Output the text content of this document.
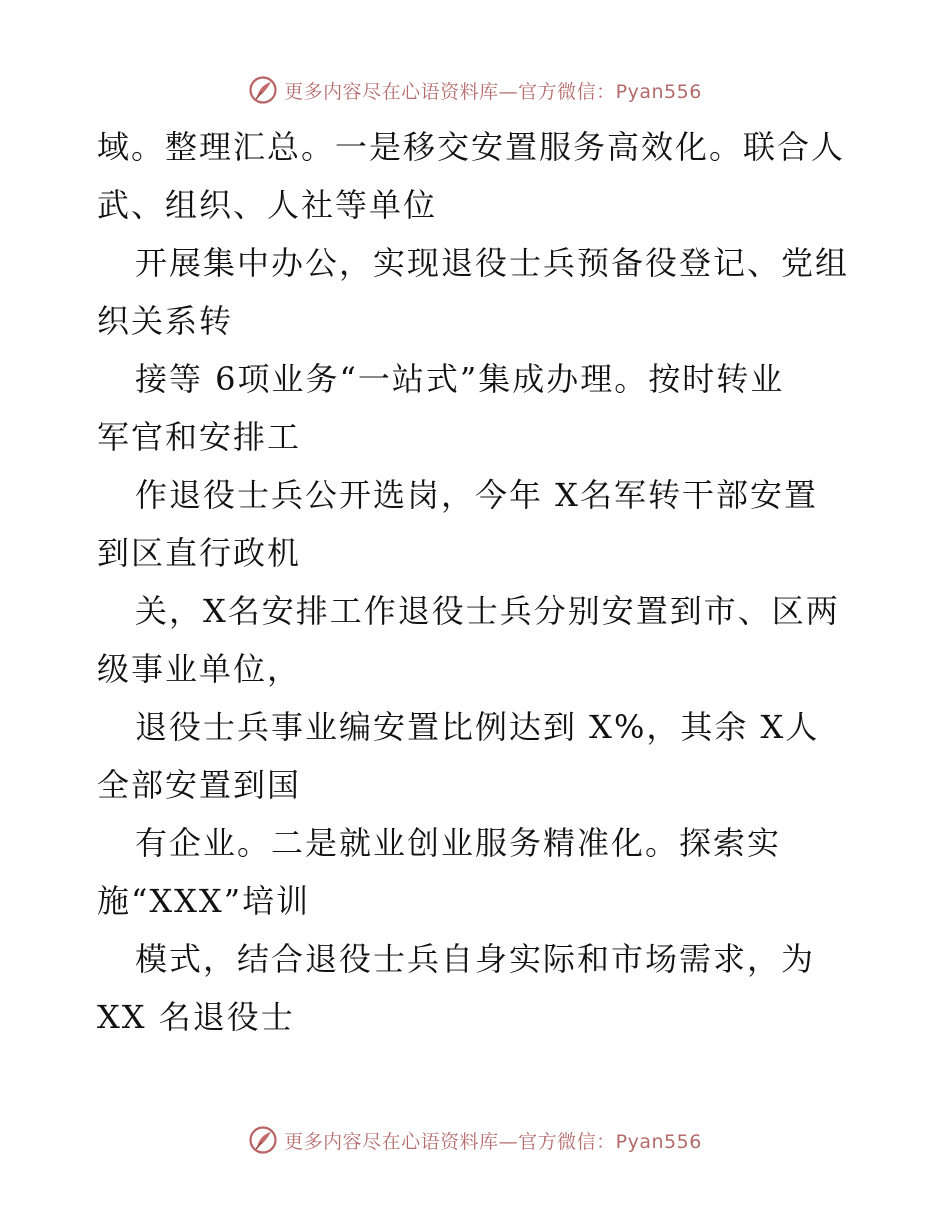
更多内容尽在心语资料库—官方微信：Pyan556
域。整理汇总。一是移交安置服务高效化。联合人
武、组织、人社等单位
开展集中办公，实现退役士兵预备役登记、党组
织关系转
接等 6项业务“一站式”集成办理。按时转业
军官和安排工
作退役士兵公开选岗，今年 X名军转干部安置
到区直行政机
关，X名安排工作退役士兵分别安置到市、区两
级事业单位，
退役士兵事业编安置比例达到 X%，其余 X人
全部安置到国
有企业。二是就业创业服务精准化。探索实
施“XXX”培训
模式，结合退役士兵自身实际和市场需求，为
XX 名退役士
更多内容尽在心语资料库—官方微信：Pyan556
